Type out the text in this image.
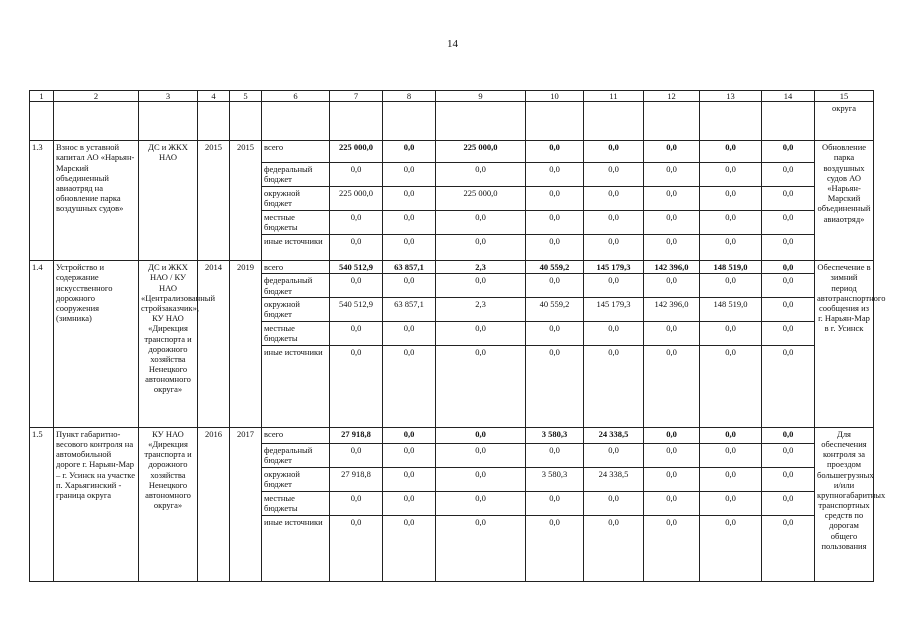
14
1	2	3	4	5	6	7	8	9	10	11	12	13	14	15
														округа
1.3	Взнос в уставной капитал АО «Нарьян-Марский объединенный авиаотряд на обновление парка воздушных судов»	ДС и ЖКХ НАО	2015	2015	всего	225 000,0	0,0	225 000,0	0,0	0,0	0,0	0,0	0,0	Обновление парка воздушных судов АО «Нарьян-Марский объединенный авиаотряд»
					федеральный бюджет	0,0	0,0	0,0	0,0	0,0	0,0	0,0	0,0	
					окружной бюджет	225 000,0	0,0	225 000,0	0,0	0,0	0,0	0,0	0,0	
					местные бюджеты	0,0	0,0	0,0	0,0	0,0	0,0	0,0	0,0	
					иные источники	0,0	0,0	0,0	0,0	0,0	0,0	0,0	0,0	
1.4	Устройство и содержание искусственного дорожного сооружения (зимника)	ДС и ЖКХ НАО / КУ НАО «Централизованный стройзаказчик», КУ НАО «Дирекция транспорта и дорожного хозяйства Ненецкого автономного округа»	2014	2019	всего	540 512,9	63 857,1	2,3	40 559,2	145 179,3	142 396,0	148 519,0	0,0	Обеспечение в зимний период автотранспортного сообщения из г. Нарьян-Мар в г. Усинск
					федеральный бюджет	0,0	0,0	0,0	0,0	0,0	0,0	0,0	0,0	
					окружной бюджет	540 512,9	63 857,1	2,3	40 559,2	145 179,3	142 396,0	148 519,0	0,0	
					местные бюджеты	0,0	0,0	0,0	0,0	0,0	0,0	0,0	0,0	
					иные источники	0,0	0,0	0,0	0,0	0,0	0,0	0,0	0,0	
1.5	Пункт габаритно-весового контроля на автомобильной дороге г. Нарьян-Мар – г. Усинск на участке п. Харьягинский - граница округа	КУ НАО «Дирекция транспорта и дорожного хозяйства Ненецкого автономного округа»	2016	2017	всего	27 918,8	0,0	0,0	3 580,3	24 338,5	0,0	0,0	0,0	Для обеспечения контроля за проездом большегрузных и/или крупногабаритных транспортных средств по дорогам общего пользования
					федеральный бюджет	0,0	0,0	0,0	0,0	0,0	0,0	0,0	0,0	
					окружной бюджет	27 918,8	0,0	0,0	3 580,3	24 338,5	0,0	0,0	0,0	
					местные бюджеты	0,0	0,0	0,0	0,0	0,0	0,0	0,0	0,0	
					иные источники	0,0	0,0	0,0	0,0	0,0	0,0	0,0	0,0	
